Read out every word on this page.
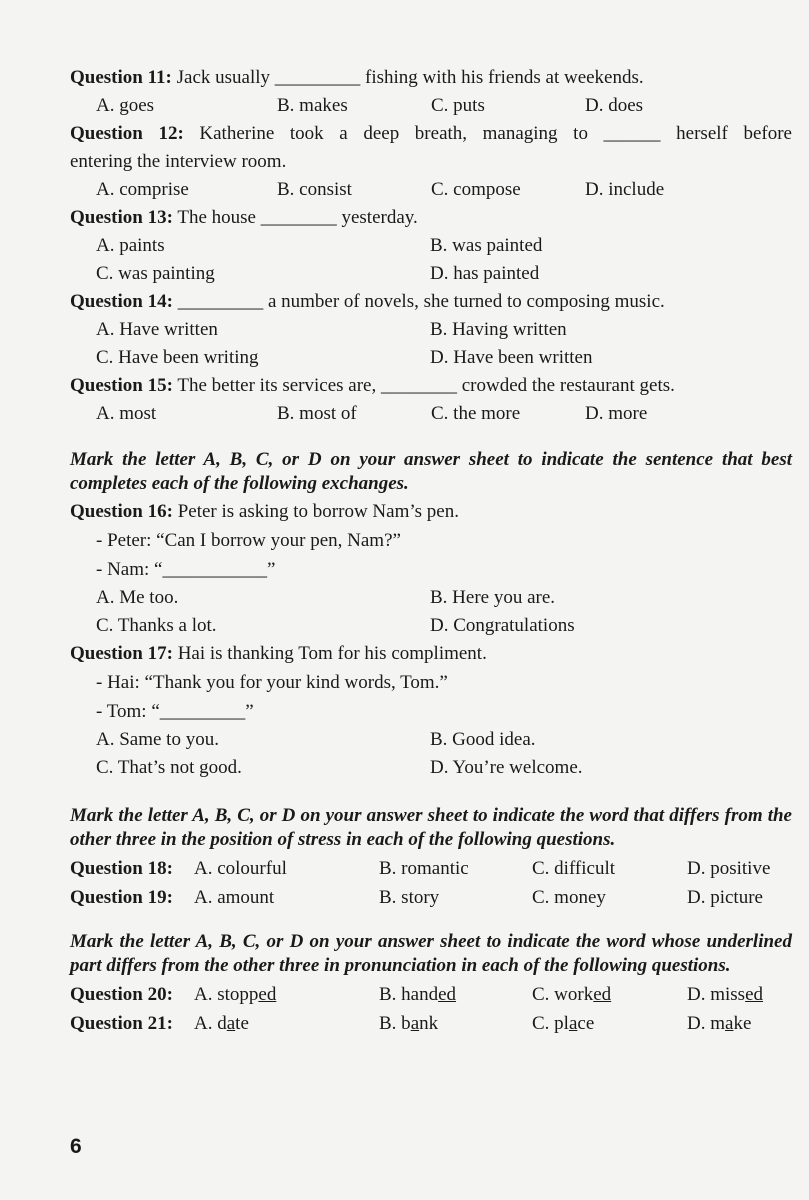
Question 11: Jack usually _________ fishing with his friends at weekends.
A. goes	B. makes	C. puts	D. does
Question 12: Katherine took a deep breath, managing to ______ herself before
entering the interview room.
A. comprise	B. consist	C. compose	D. include
Question 13: The house ________ yesterday.
A. paints	B. was painted
C. was painting	D. has painted
Question 14: _________ a number of novels, she turned to composing music.
A. Have written	B. Having written
C. Have been writing	D. Have been written
Question 15: The better its services are, ________ crowded the restaurant gets.
A. most	B. most of	C. the more	D. more
Mark the letter A, B, C, or D on your answer sheet to indicate the sentence that best completes each of the following exchanges.
Question 16: Peter is asking to borrow Nam’s pen.
- Peter: “Can I borrow your pen, Nam?”
- Nam: “___________”
A. Me too.	B. Here you are.
C. Thanks a lot.	D. Congratulations
Question 17: Hai is thanking Tom for his compliment.
- Hai: “Thank you for your kind words, Tom.”
- Tom: “_________”
A. Same to you.	B. Good idea.
C. That’s not good.	D. You’re welcome.
Mark the letter A, B, C, or D on your answer sheet to indicate the word that differs from the other three in the position of stress in each of the following questions.
Question 18:	A. colourful	B. romantic	C. difficult	D. positive
Question 19:	A. amount	B. story	C. money	D. picture
Mark the letter A, B, C, or D on your answer sheet to indicate the word whose underlined part differs from the other three in pronunciation in each of the following questions.
Question 20:	A. stopped	B. handed	C. worked	D. missed
Question 21:	A. date	B. bank	C. place	D. make
6
